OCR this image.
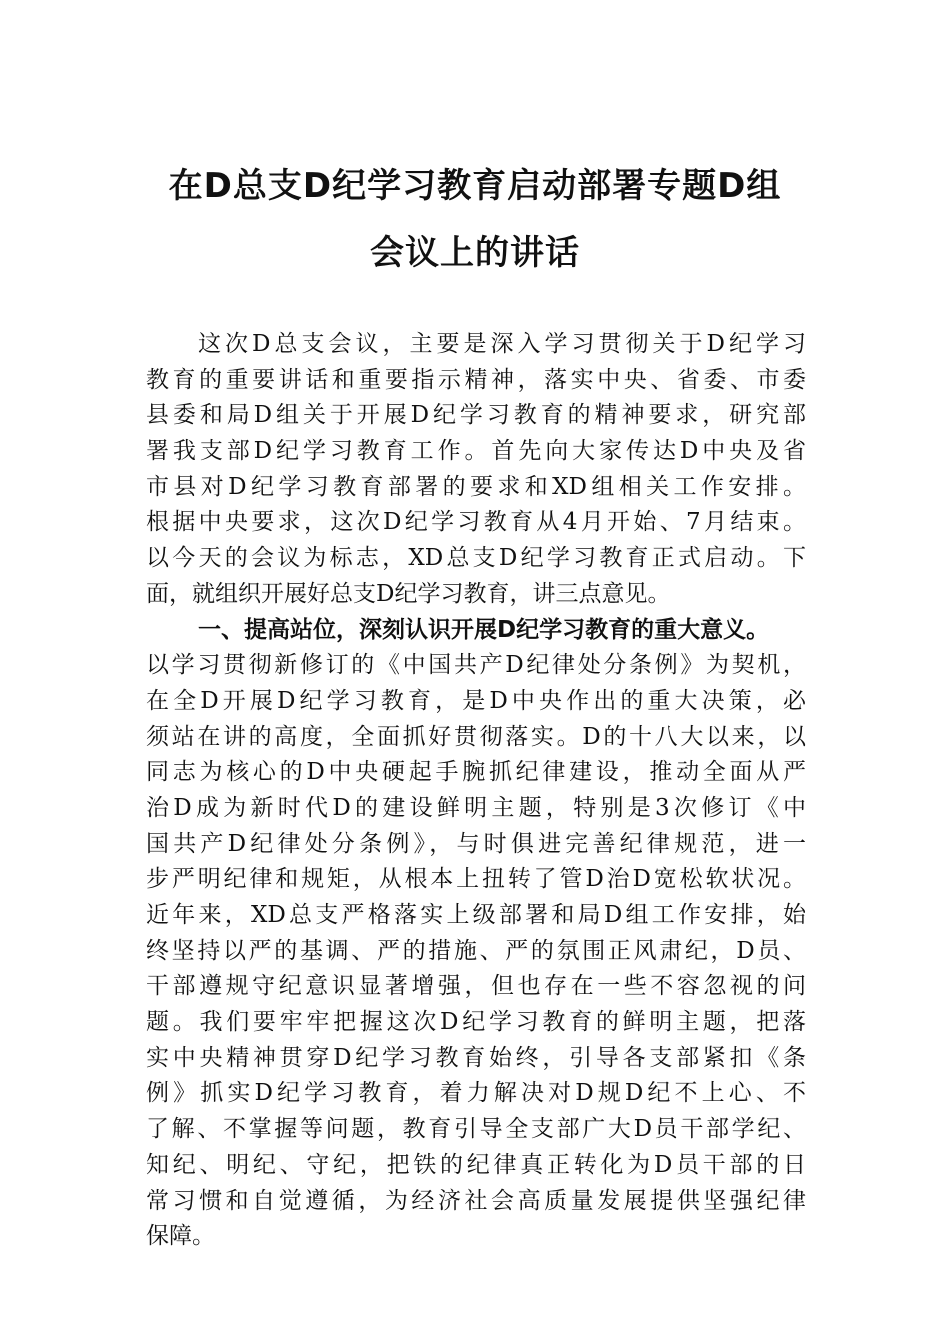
在D总支D纪学习教育启动部署专题D组
会议上的讲话
这次D总支会议，主要是深入学习贯彻关于D纪学习
教育的重要讲话和重要指示精神，落实中央、省委、市委
县委和局D组关于开展D纪学习教育的精神要求，研究部
署我支部D纪学习教育工作。首先向大家传达D中央及省
市县对D纪学习教育部署的要求和XD组相关工作安排。
根据中央要求，这次D纪学习教育从4月开始、7月结束。
以今天的会议为标志，XD总支D纪学习教育正式启动。下
面，就组织开展好总支D纪学习教育，讲三点意见。
一、提高站位，深刻认识开展D纪学习教育的重大意义。
以学习贯彻新修订的《中国共产D纪律处分条例》为契机，
在全D开展D纪学习教育，是D中央作出的重大决策，必
须站在讲的高度，全面抓好贯彻落实。D的十八大以来，以
同志为核心的D中央硬起手腕抓纪律建设，推动全面从严
治D成为新时代D的建设鲜明主题，特别是3次修订《中
国共产D纪律处分条例》，与时俱进完善纪律规范，进一
步严明纪律和规矩，从根本上扭转了管D治D宽松软状况。
近年来，XD总支严格落实上级部署和局D组工作安排，始
终坚持以严的基调、严的措施、严的氛围正风肃纪，D员、
干部遵规守纪意识显著增强，但也存在一些不容忽视的问
题。我们要牢牢把握这次D纪学习教育的鲜明主题，把落
实中央精神贯穿D纪学习教育始终，引导各支部紧扣《条
例》抓实D纪学习教育，着力解决对D规D纪不上心、不
了解、不掌握等问题，教育引导全支部广大D员干部学纪、
知纪、明纪、守纪，把铁的纪律真正转化为D员干部的日
常习惯和自觉遵循，为经济社会高质量发展提供坚强纪律
保障。
